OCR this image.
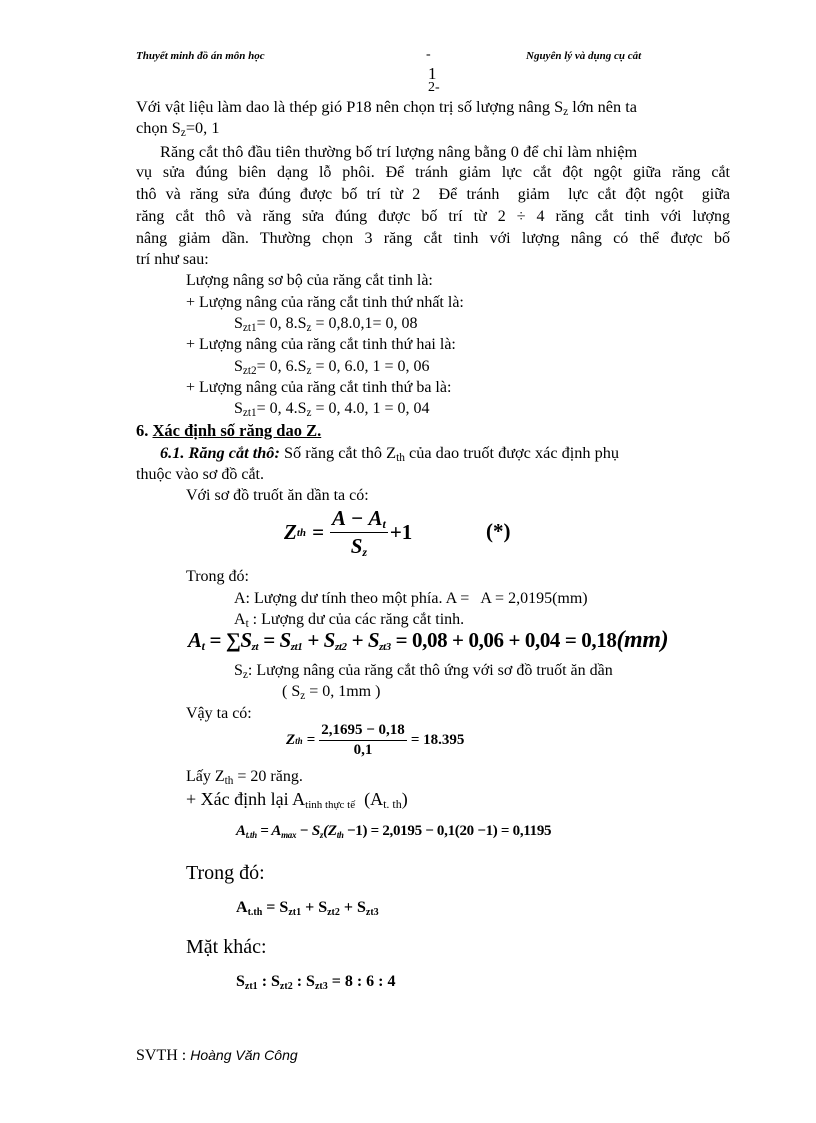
Thuyết minh đồ án môn học	-	Nguyên lý và dụng cụ cắt
1
2-
Với vật liệu làm dao là thép gió P18 nên chọn trị số lượng nâng $S_z$ lớn nên ta
chọn $S_z=0$, 1
Răng cắt thô đầu tiên thường bố trí lượng nâng bằng 0 để chỉ làm nhiệm
vụ sửa đúng biên dạng lỗ phôi. Để tránh giảm lực cắt đột ngột giữa răng cắt
thô và răng sửa đúng được bố trí từ 2  Để tránh  giảm  lực cắt đột ngột  giữa
răng cắt thô và răng sửa đúng được bố trí từ 2 ÷ 4 răng cắt tinh với lượng
nâng giảm dần. Thường chọn 3 răng cắt tinh với lượng nâng có thể được bố
trí như sau:
Lượng nâng sơ bộ của răng cắt tinh là:
+ Lượng nâng của răng cắt tinh thứ nhất là:
$S_{zt1}= 0$, $8.S_z = 0,8.0,1= 0$, 08
+ Lượng nâng của răng cắt tinh thứ hai là:
$S_{zt2}= 0$, $6.S_z = 0$, 6.0, 1 = 0, 06
+ Lượng nâng của răng cắt tinh thứ ba là:
$S_{zt1}= 0$, $4.S_z = 0$, 4.0, 1 = 0, 04
6. Xác định số răng dao Z.
6.1. Răng cắt thô: Số răng cắt thô $Z_{th}$ của dao truốt được xác định phụ
thuộc vào sơ đồ cắt.
Với sơ đồ truốt ăn dần ta có:
Z th = $\frac{A - A_t}{S_z} +1$	(*)
Trong đó:
A: Lượng dư tính theo một phía. A =   A = 2,0195(mm)
$A_t$ : Lượng dư của các răng cắt tinh.
$A_t = \sum S_{zt} = S_{zt1} + S_{zt2} + S_{zt3} = 0,08 + 0,06 + 0,04 = 0,18(mm)$
$S_z$: Lượng nâng của răng cắt thô ứng với sơ đồ truốt ăn dần
( $S_z = 0$, 1mm )
Vậy ta có:
Z th = $\frac{2,1695 - 0,18}{0,1} = 18.395$
Lấy $Z_{th} = 20$ răng.
+ Xác định lại $A_{tinh thực tế}$  $(A_{t. th})$
$A_{t.th} = A_{max} - S_z(Z_{th} -1) = 2,0195 - 0,1(20 -1) = 0,1195$
Trong đó:
$A_{t.th} = S_{zt1} + S_{zt2} + S_{zt3}$
Mặt khác:
$S_{zt1}$ : $S_{zt2}$ : $S_{zt3} = 8$ : 6 : 4
SVTH : Hoàng Văn Công
